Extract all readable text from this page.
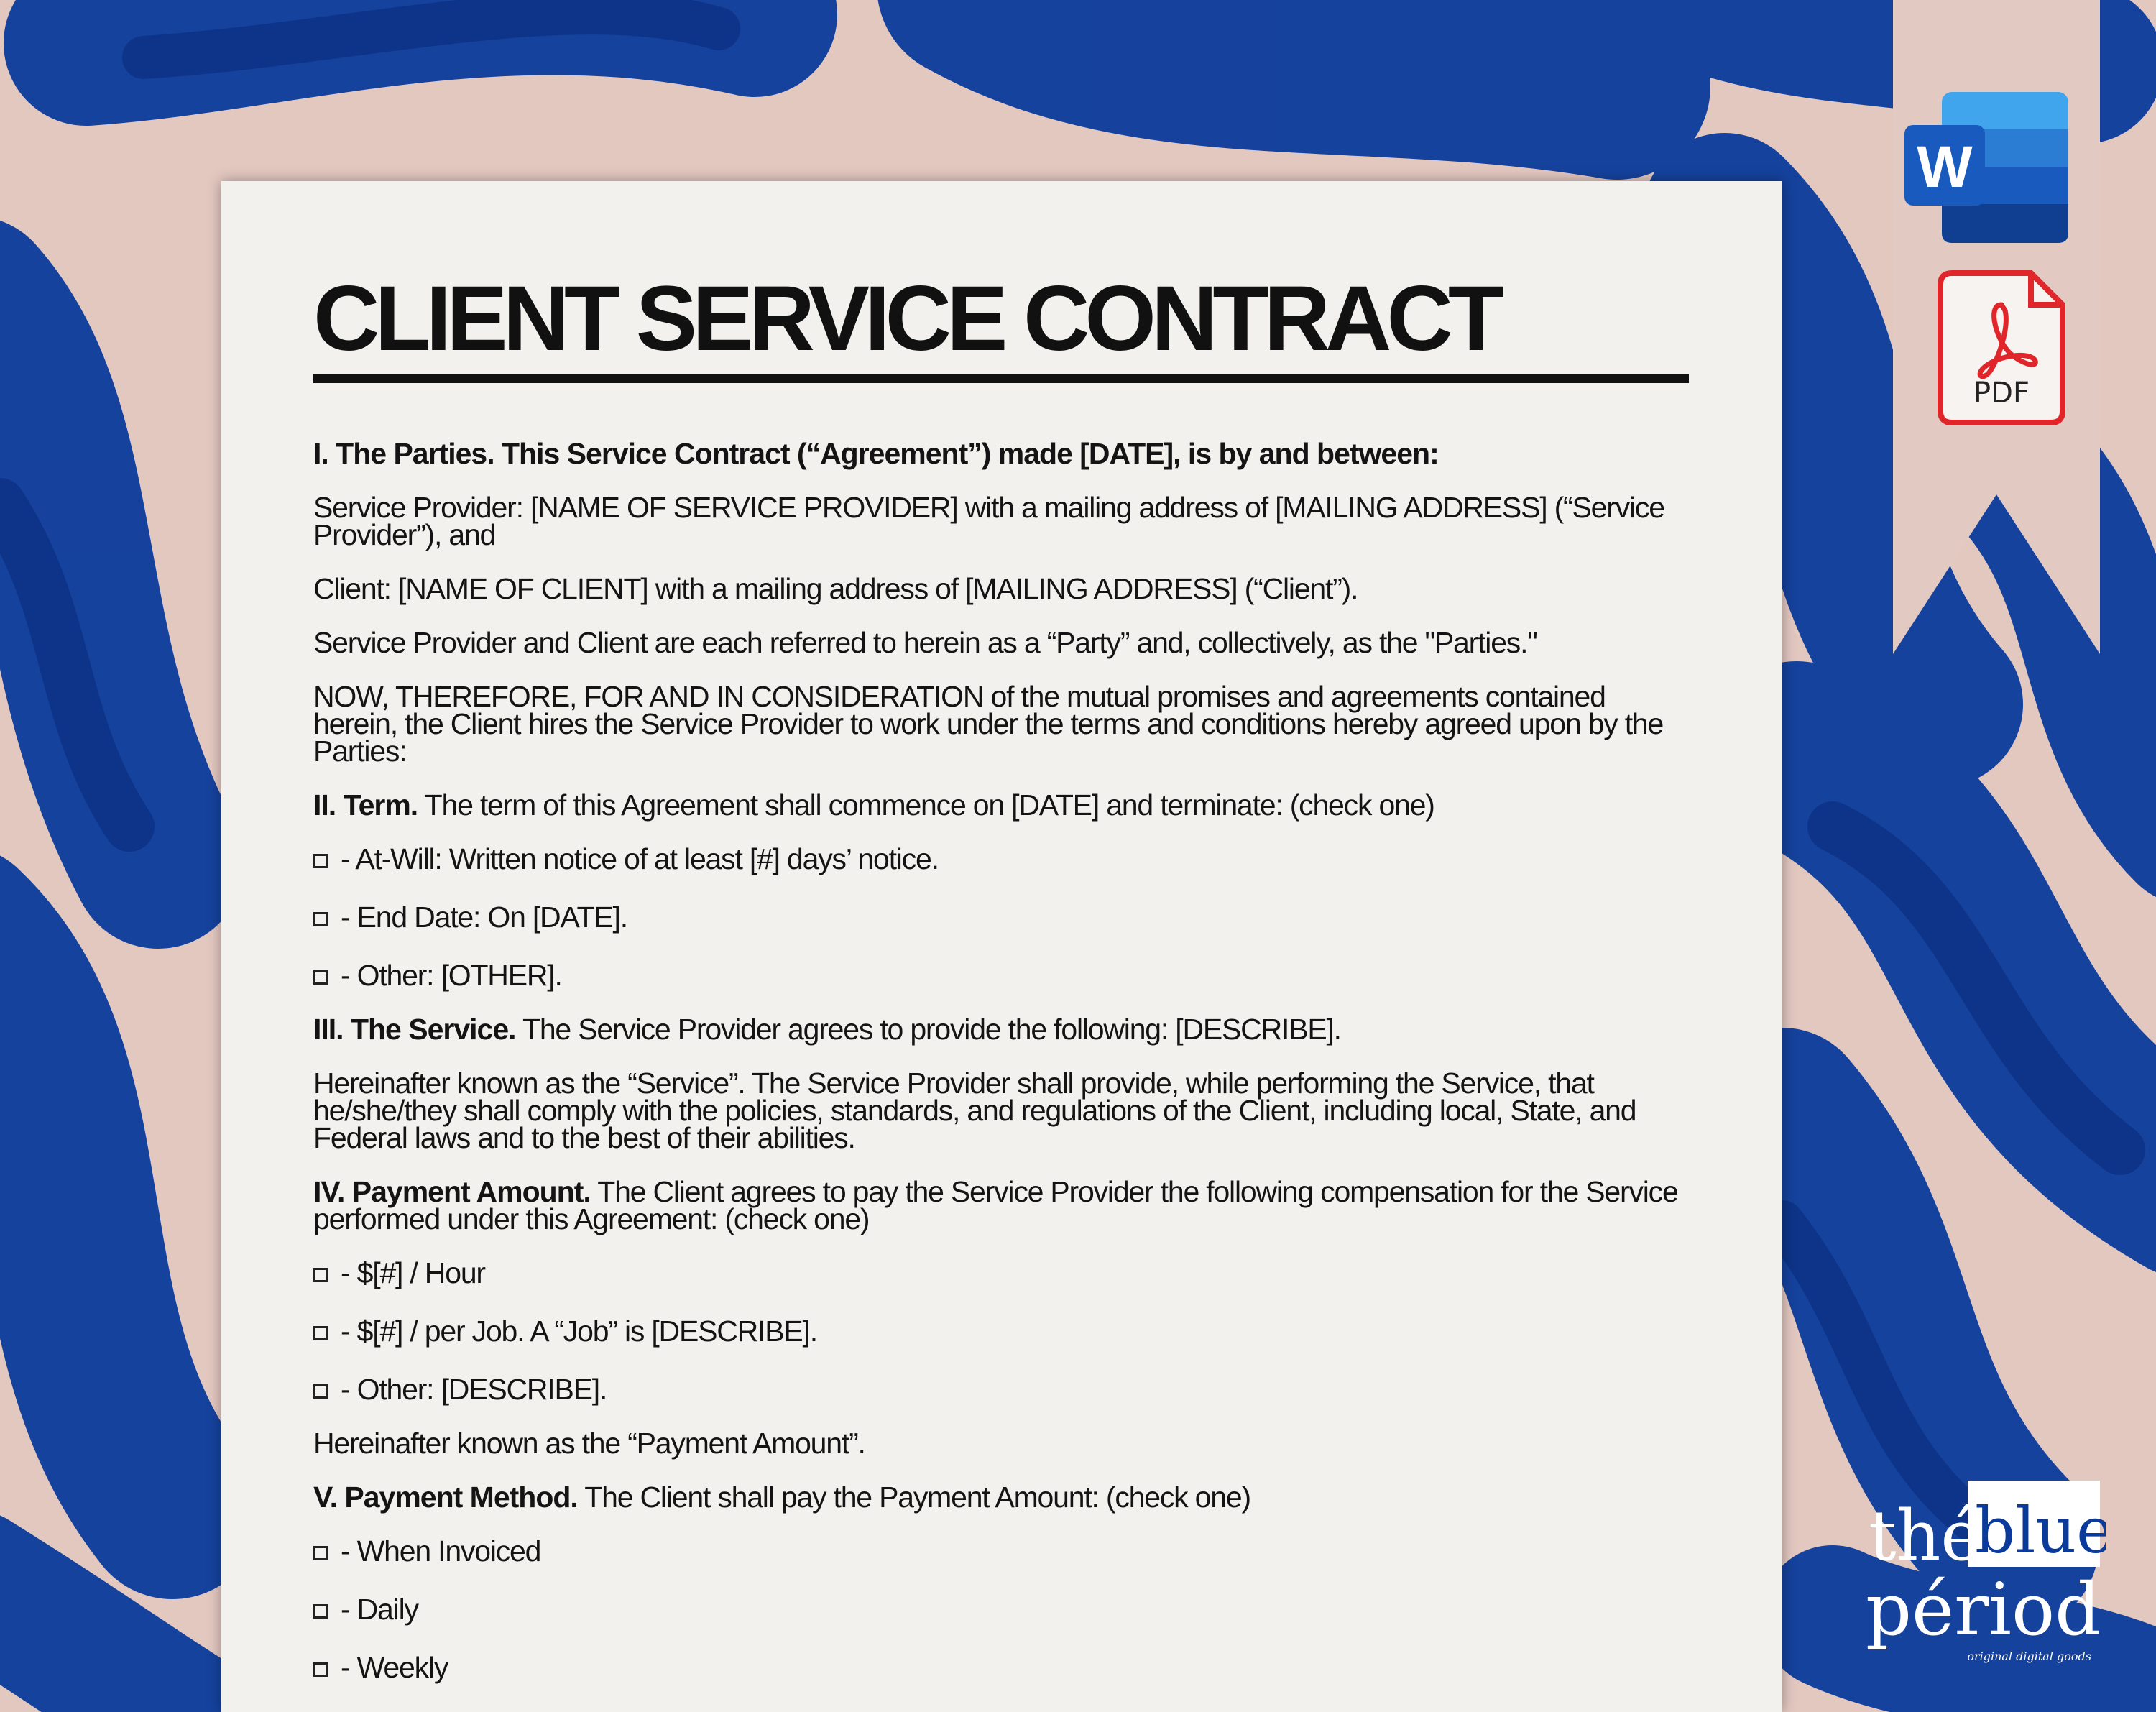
W
PDF
CLIENT SERVICE CONTRACT

I. The Parties. This Service Contract (“Agreement”) made [DATE], is by and between:

Service Provider: [NAME OF SERVICE PROVIDER] with a mailing address of [MAILING ADDRESS] (“Service Provider”), and

Client: [NAME OF CLIENT] with a mailing address of [MAILING ADDRESS] (“Client”).

Service Provider and Client are each referred to herein as a “Party” and, collectively, as the "Parties."

NOW, THEREFORE, FOR AND IN CONSIDERATION of the mutual promises and agreements contained herein, the Client hires the Service Provider to work under the terms and conditions hereby agreed upon by the Parties:

II. Term. The term of this Agreement shall commence on [DATE] and terminate: (check one)

- At-Will: Written notice of at least [#] days’ notice.

- End Date: On [DATE].

- Other: [OTHER].

III. The Service. The Service Provider agrees to provide the following: [DESCRIBE].

Hereinafter known as the “Service”. The Service Provider shall provide, while performing the Service, that he/she/they shall comply with the policies, standards, and regulations of the Client, including local, State, and Federal laws and to the best of their abilities.

IV. Payment Amount. The Client agrees to pay the Service Provider the following compensation for the Service performed under this Agreement: (check one)

- $[#] / Hour

- $[#] / per Job. A “Job” is [DESCRIBE].

- Other: [DESCRIBE].

Hereinafter known as the “Payment Amount”.

V. Payment Method. The Client shall pay the Payment Amount: (check one)

- When Invoiced

- Daily

- Weekly

thé
blue
périod
original digital goods
